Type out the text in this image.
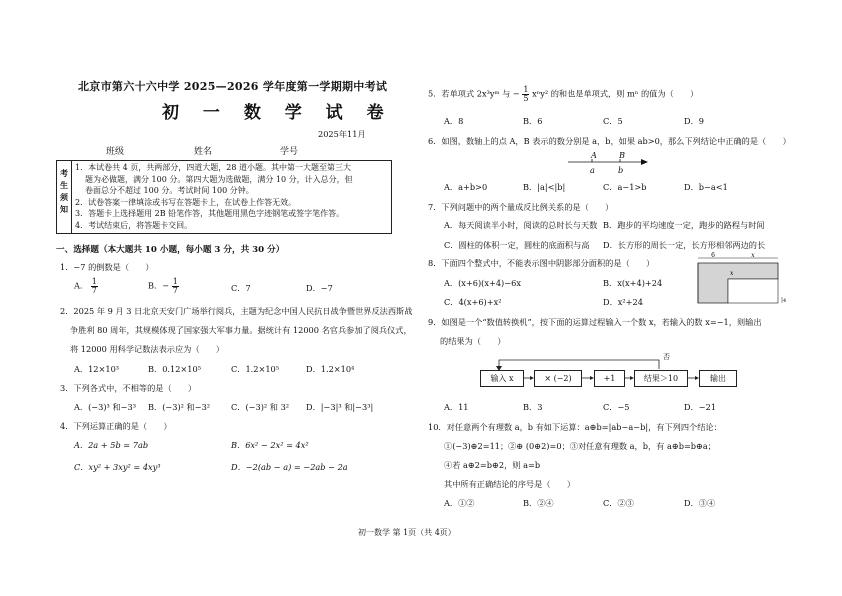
北京市第六十六中学 2025—2026 学年度第一学期期中考试
初 一 数 学 试 卷
2025年11月
班级	姓名	学号
考
生
须
知

1．本试卷共 4 页，共两部分，四道大题，28 道小题。其中第一大题至第三大
题为必做题，满分 100 分。第四大题为选做题，满分 10 分，计入总分，但
卷面总分不超过 100 分。考试时间 100 分钟。
2．试卷答案一律填涂或书写在答题卡上，在试卷上作答无效。
3．答题卡上选择题用 2B 铅笔作答，其他题用黑色字迹钢笔或签字笔作答。
4．考试结束后，将答题卡交回。
一、选择题（本大题共 10 小题，每小题 3 分，共 30 分）
1．−7 的倒数是（　　）
A． $\frac{1}{7}$	B．− $\frac{1}{7}$	C．7	D．−7
2．2025 年 9 月 3 日北京天安门广场举行阅兵，主题为纪念中国人民抗日战争暨世界反法西斯战
争胜利 80 周年，其规模体现了国家强大军事力量。据统计有 12000 名官兵参加了阅兵仪式，
将 12000 用科学记数法表示应为（　　）
A．12×10³	B．0.12×10⁵	C．1.2×10⁵	D．1.2×10⁴
3．下列各式中，不相等的是（　　）
A．(−3)³ 和−3³ B．(−3)² 和−3²	C．(−3)² 和 3² D．|−3|³ 和|−3³|
4．下列运算正确的是（　　）
A．2a + 5b = 7ab	B．6x² − 2x² = 4x²
C．xy² + 3xy² = 4xy³	D．−2(ab − a) = −2ab − 2a
5．若单项式 2x³yᵐ 与 − $\frac{1}{5} x^ny^2$ 的和也是单项式，则 mⁿ 的值为（　　）
A．8	B．6	C．5	D．9
6．如图，数轴上的点 A，B 表示的数分别是 a，b，如果 ab>0，那么下列结论中正确的是（　　）
A	B
a	b
A．a+b>0	B．|a|<|b|	C．a−1>b	D．b−a<1
7．下列问题中的两个量成反比例关系的是（　　）
A．每天阅读半小时，阅读的总时长与天数 B．跑步的平均速度一定，跑步的路程与时间
C．圆柱的体积一定，圆柱的底面积与高 D．长方形的周长一定，长方形相邻两边的长
8．下面四个整式中，不能表示图中阴影部分面积的是（　　）
A．(x+6)(x+4)−6x	B．x(x+4)+24
C．4(x+6)+x²	D．x²+24
6	x
x
4
9．如图是一个“数值转换机”，按下面的运算过程输入一个数 x，若输入的数 x=−1，则输出
的结果为（　　）
否
输入 x	× (−2)	+1	结果＞10	输出
A．11	B．3	C．−5	D．−21
10．对任意两个有理数 a，b 有如下运算：a⊕b=|ab−a−b|，有下列四个结论：
①(−3)⊕2=11；②⊕ (0⊕2)=0；③对任意有理数 a，b，有 a⊕b=b⊕a；
④若 a⊕2=b⊕2，则 a=b
其中所有正确结论的序号是（　　）
A．①②	B．②④	C．②③	D．③④
初一数学 第 1页（共 4页）
